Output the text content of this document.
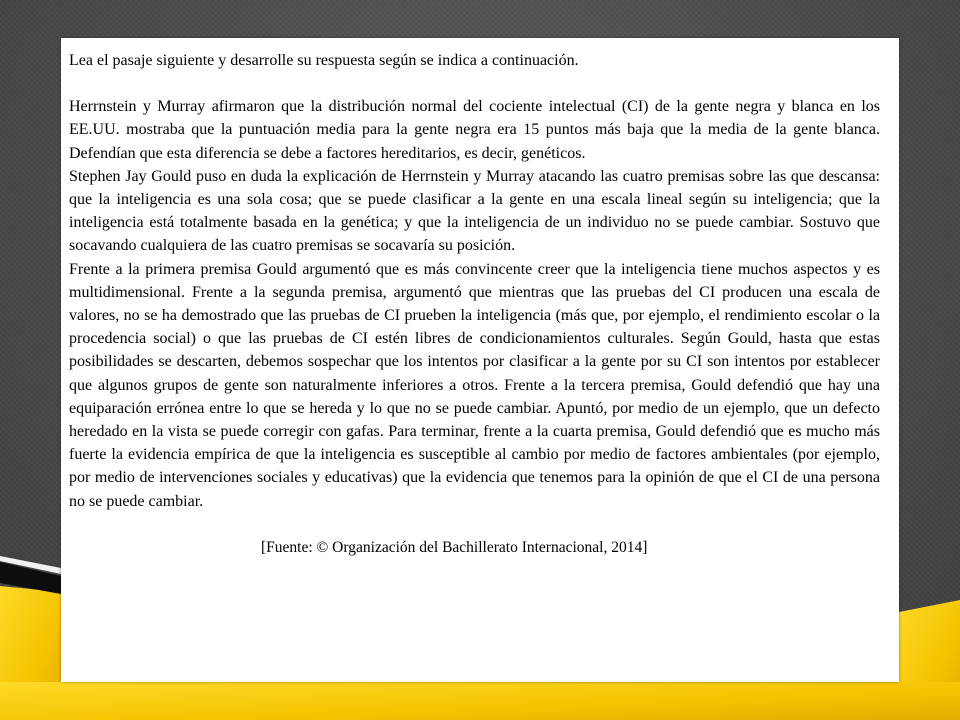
Lea el pasaje siguiente y desarrolle su respuesta según se indica a continuación.

Herrnstein y Murray afirmaron que la distribución normal del cociente intelectual (CI) de la gente negra y blanca en los EE.UU. mostraba que la puntuación media para la gente negra era 15 puntos más baja que la media de la gente blanca. Defendían que esta diferencia se debe a factores hereditarios, es decir, genéticos.

Stephen Jay Gould puso en duda la explicación de Herrnstein y Murray atacando las cuatro premisas sobre las que descansa: que la inteligencia es una sola cosa; que se puede clasificar a la gente en una escala lineal según su inteligencia; que la inteligencia está totalmente basada en la genética; y que la inteligencia de un individuo no se puede cambiar. Sostuvo que socavando cualquiera de las cuatro premisas se socavaría su posición.

Frente a la primera premisa Gould argumentó que es más convincente creer que la inteligencia tiene muchos aspectos y es multidimensional. Frente a la segunda premisa, argumentó que mientras que las pruebas del CI producen una escala de valores, no se ha demostrado que las pruebas de CI prueben la inteligencia (más que, por ejemplo, el rendimiento escolar o la procedencia social) o que las pruebas de CI estén libres de condicionamientos culturales. Según Gould, hasta que estas posibilidades se descarten, debemos sospechar que los intentos por clasificar a la gente por su CI son intentos por establecer que algunos grupos de gente son naturalmente inferiores a otros. Frente a la tercera premisa, Gould defendió que hay una equiparación errónea entre lo que se hereda y lo que no se puede cambiar. Apuntó, por medio de un ejemplo, que un defecto heredado en la vista se puede corregir con gafas. Para terminar, frente a la cuarta premisa, Gould defendió que es mucho más fuerte la evidencia empírica de que la inteligencia es susceptible al cambio por medio de factores ambientales (por ejemplo, por medio de intervenciones sociales y educativas) que la evidencia que tenemos para la opinión de que el CI de una persona no se puede cambiar.

[Fuente: © Organización del Bachillerato Internacional, 2014]
